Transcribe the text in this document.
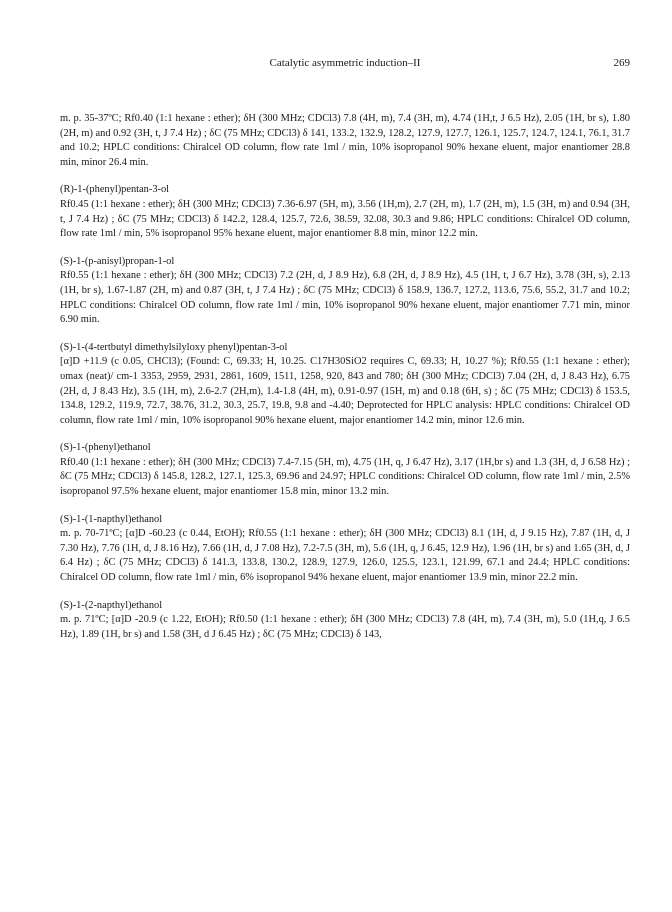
Catalytic asymmetric induction–II	269
m. p. 35-37ºC; Rf0.40 (1:1 hexane : ether); δH (300 MHz; CDCl3) 7.8 (4H, m), 7.4 (3H, m), 4.74 (1H,t, J 6.5 Hz), 2.05 (1H, br s), 1.80 (2H, m) and 0.92 (3H, t, J 7.4 Hz) ; δC (75 MHz; CDCl3) δ 141, 133.2, 132.9, 128.2, 127.9, 127.7, 126.1, 125.7, 124.7, 124.1, 76.1, 31.7 and 10.2; HPLC conditions: Chiralcel OD column, flow rate 1ml / min, 10% isopropanol 90% hexane eluent, major enantiomer 28.8 min, minor 26.4 min.
(R)-1-(phenyl)pentan-3-ol
Rf0.45 (1:1 hexane : ether); δH (300 MHz; CDCl3) 7.36-6.97 (5H, m), 3.56 (1H,m), 2.7 (2H, m), 1.7 (2H, m), 1.5 (3H, m) and 0.94 (3H, t, J 7.4 Hz) ; δC (75 MHz; CDCl3) δ 142.2, 128.4, 125.7, 72.6, 38.59, 32.08, 30.3 and 9.86; HPLC conditions: Chiralcel OD column, flow rate 1ml / min, 5% isopropanol 95% hexane eluent, major enantiomer 8.8 min, minor 12.2 min.
(S)-1-(p-anisyl)propan-1-ol
Rf0.55 (1:1 hexane : ether); δH (300 MHz; CDCl3) 7.2 (2H, d, J 8.9 Hz), 6.8 (2H, d, J 8.9 Hz), 4.5 (1H, t, J 6.7 Hz), 3.78 (3H, s), 2.13 (1H, br s), 1.67-1.87 (2H, m) and 0.87 (3H, t, J 7.4 Hz) ; δC (75 MHz; CDCl3) δ 158.9, 136.7, 127.2, 113.6, 75.6, 55.2, 31.7 and 10.2; HPLC conditions: Chiralcel OD column, flow rate 1ml / min, 10% isopropanol 90% hexane eluent, major enantiomer 7.71 min, minor 6.90 min.
(S)-1-(4-tertbutyl dimethylsilyloxy phenyl)pentan-3-ol
[α]D +11.9 (c 0.05, CHCl3); (Found: C, 69.33; H, 10.25. C17H30SiO2 requires C, 69.33; H, 10.27 %); Rf0.55 (1:1 hexane : ether); υmax (neat)/ cm-1 3353, 2959, 2931, 2861, 1609, 1511, 1258, 920, 843 and 780; δH (300 MHz; CDCl3) 7.04 (2H, d, J 8.43 Hz), 6.75 (2H, d, J 8.43 Hz), 3.5 (1H, m), 2.6-2.7 (2H,m), 1.4-1.8 (4H, m), 0.91-0.97 (15H, m) and 0.18 (6H, s) ; δC (75 MHz; CDCl3) δ 153.5, 134.8, 129.2, 119.9, 72.7, 38.76, 31.2, 30.3, 25.7, 19.8, 9.8 and -4.40; Deprotected for HPLC analysis: HPLC conditions: Chiralcel OD column, flow rate 1ml / min, 10% isopropanol 90% hexane eluent, major enantiomer 14.2 min, minor 12.6 min.
(S)-1-(phenyl)ethanol
Rf0.40 (1:1 hexane : ether); δH (300 MHz; CDCl3) 7.4-7.15 (5H, m), 4.75 (1H, q, J 6.47 Hz), 3.17 (1H,br s) and 1.3 (3H, d, J 6.58 Hz) ; δC (75 MHz; CDCl3) δ 145.8, 128.2, 127.1, 125.3, 69.96 and 24.97; HPLC conditions: Chiralcel OD column, flow rate 1ml / min, 2.5% isopropanol 97.5% hexane eluent, major enantiomer 15.8 min, minor 13.2 min.
(S)-1-(1-napthyl)ethanol
m. p. 70-71ºC; [α]D -60.23 (c 0.44, EtOH); Rf0.55 (1:1 hexane : ether); δH (300 MHz; CDCl3) 8.1 (1H, d, J 9.15 Hz), 7.87 (1H, d, J 7.30 Hz), 7.76 (1H, d, J 8.16 Hz), 7.66 (1H, d, J 7.08 Hz), 7.2-7.5 (3H, m), 5.6 (1H, q, J 6.45, 12.9 Hz), 1.96 (1H, br s) and 1.65 (3H, d, J 6.4 Hz) ; δC (75 MHz; CDCl3) δ 141.3, 133.8, 130.2, 128.9, 127.9, 126.0, 125.5, 123.1, 121.99, 67.1 and 24.4; HPLC conditions: Chiralcel OD column, flow rate 1ml / min, 6% isopropanol 94% hexane eluent, major enantiomer 13.9 min, minor 22.2 min.
(S)-1-(2-napthyl)ethanol
m. p. 71ºC; [α]D -20.9 (c 1.22, EtOH); Rf0.50 (1:1 hexane : ether); δH (300 MHz; CDCl3) 7.8 (4H, m), 7.4 (3H, m), 5.0 (1H,q, J 6.5 Hz), 1.89 (1H, br s) and 1.58 (3H, d J 6.45 Hz) ; δC (75 MHz; CDCl3) δ 143,
